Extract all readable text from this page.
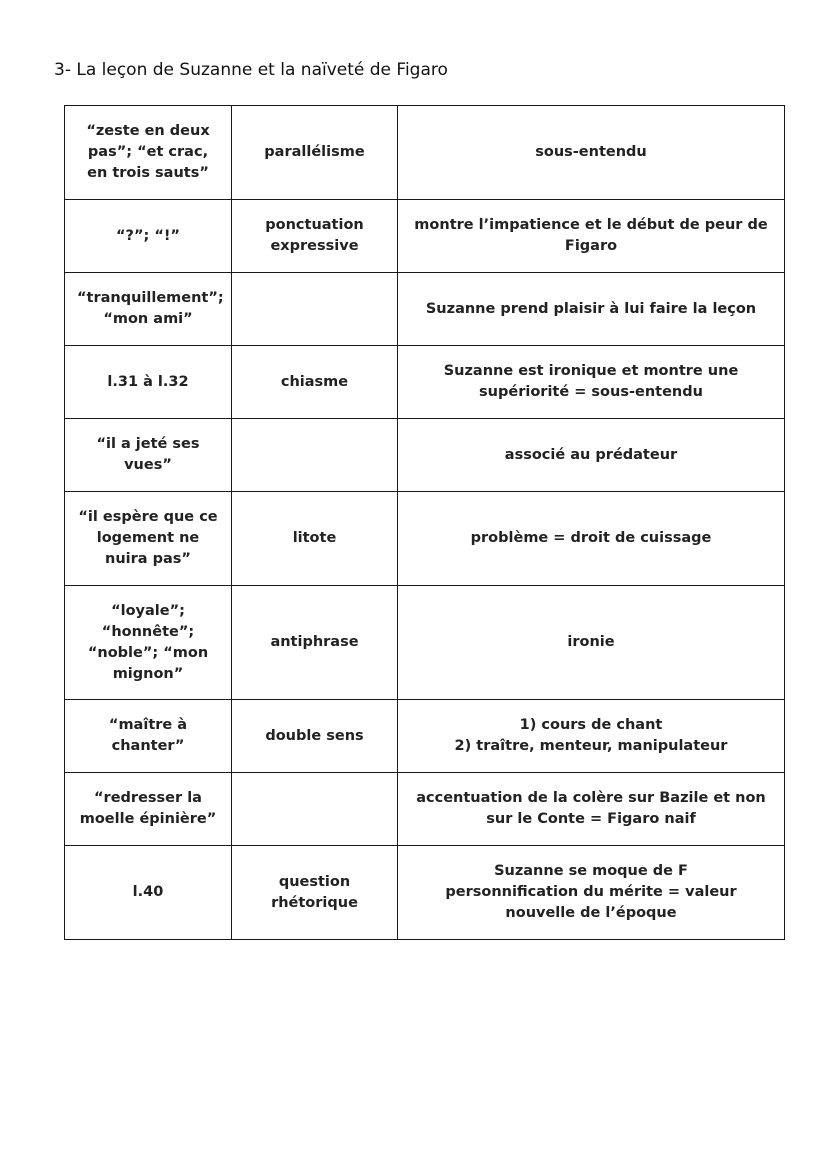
3- La leçon de Suzanne et la naïveté de Figaro
“zeste en deux pas”; “et crac, en trois sauts”	parallélisme	sous-entendu
“?”; “!”	ponctuation expressive	montre l’impatience et le début de peur de Figaro
“tranquillement”; “mon ami”		Suzanne prend plaisir à lui faire la leçon
l.31 à l.32	chiasme	Suzanne est ironique et montre une supériorité = sous-entendu
“il a jeté ses vues”		associé au prédateur
“il espère que ce logement ne nuira pas”	litote	problème = droit de cuissage
“loyale”; “honnête”; “noble”; “mon mignon”	antiphrase	ironie
“maître à chanter”	double sens	1) cours de chant
2) traître, menteur, manipulateur
“redresser la moelle épinière”		accentuation de la colère sur Bazile et non sur le Conte = Figaro naif
l.40	question rhétorique	Suzanne se moque de F
personnification du mérite = valeur nouvelle de l’époque
